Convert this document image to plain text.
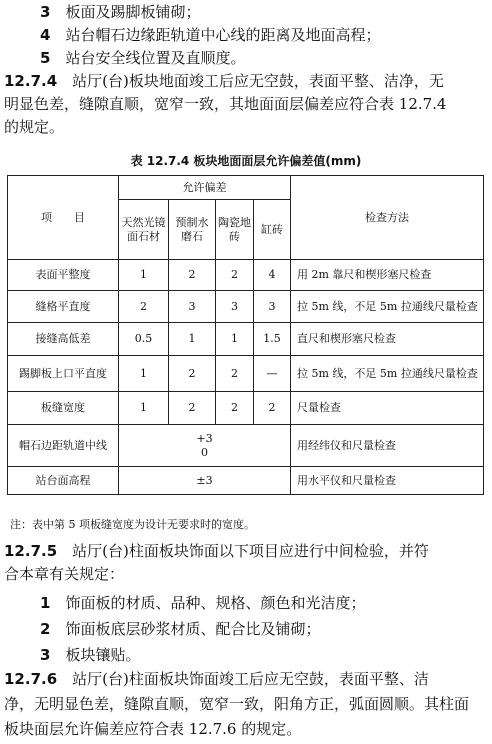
3　 板面及踢脚板铺砌；
4　 站台帽石边缘距轨道中心线的距离及地面高程；
5　 站台安全线位置及直顺度。
12.7.4　 站厅(台)板块地面竣工后应无空鼓，表面平整、洁净，无
明显色差，缝隙直顺，宽窄一致，其地面面层偏差应符合表 12.7.4
的规定。
表 12.7.4 板块地面面层允许偏差值(mm)
项　　目	允许偏差				检查方法
	天然光镜面石材	预制水磨石	陶瓷地砖	缸砖	
表面平整度	1	2	2	4	用 2m 靠尺和楔形塞尺检查
缝格平直度	2	3	3	3	拉 5m 线，不足 5m 拉通线尺量检查
接缝高低差	0.5	1	1	1.5	直尺和楔形塞尺检查
踢脚板上口平直度	1	2	2	—	拉 5m 线，不足 5m 拉通线尺量检查
板缝宽度	1	2	2	2	尺量检查
帽石边距轨道中线	+3
0				用经纬仪和尺量检查
站台面高程	±3				用水平仪和尺量检查
注：表中第 5 项板缝宽度为设计无要求时的宽度。
12.7.5　 站厅(台)柱面板块饰面以下项目应进行中间检验，并符
合本章有关规定：
1　 饰面板的材质、品种、规格、颜色和光洁度；
2　 饰面板底层砂浆材质、配合比及铺砌；
3　 板块镶贴。
12.7.6　 站厅(台)柱面板块饰面竣工后应无空鼓，表面平整、洁
净，无明显色差，缝隙直顺，宽窄一致，阳角方正，弧面圆顺。其柱面
板块面层允许偏差应符合表 12.7.6 的规定。
